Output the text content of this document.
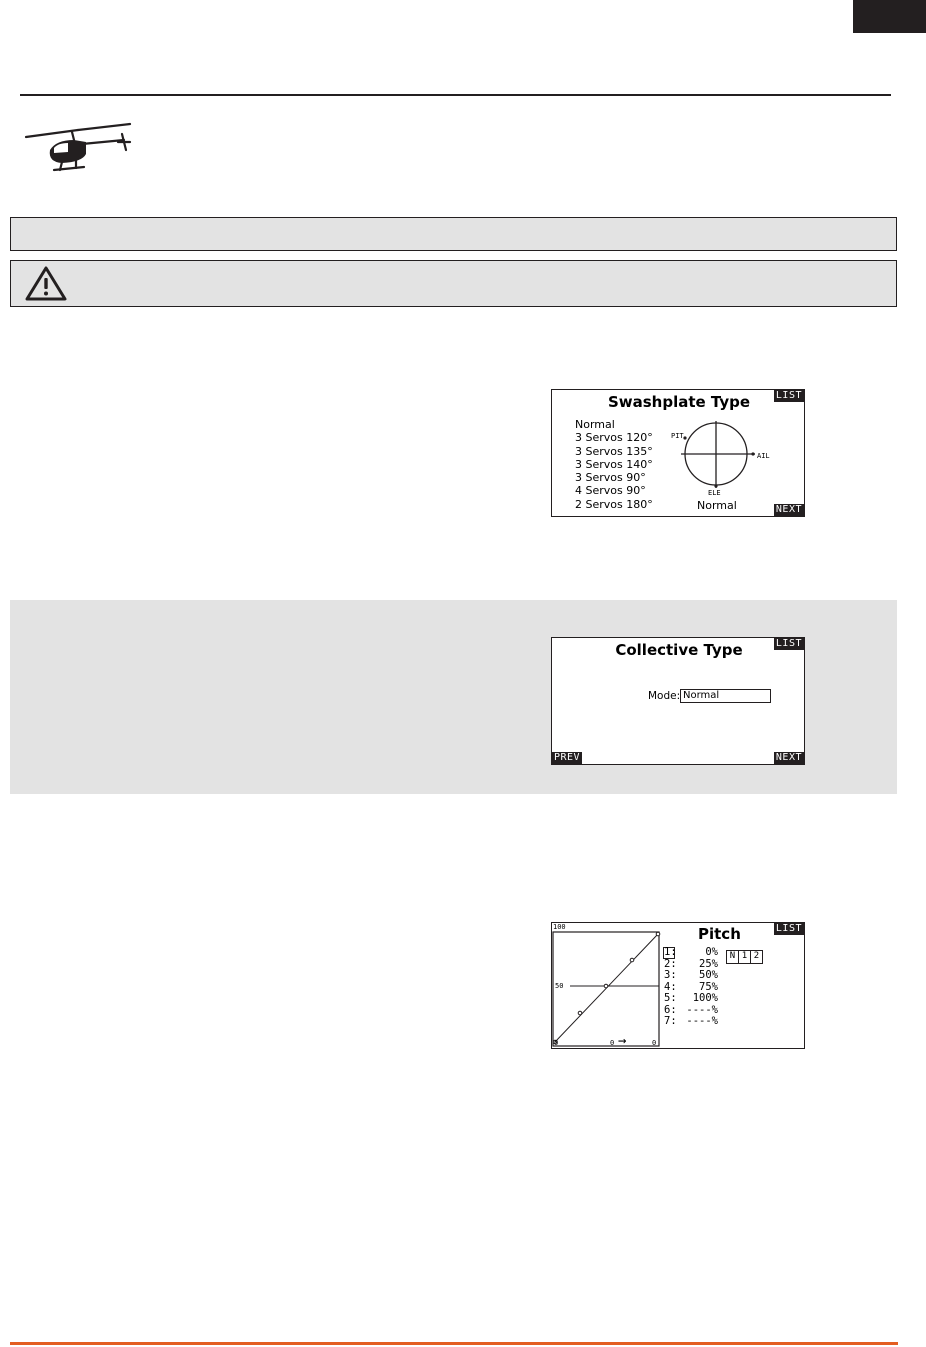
Swashplate Type	LIST
NEXT
Normal
3 Servos 120°
3 Servos 135°
3 Servos 140°
3 Servos 90°
4 Servos 90°
2 Servos 180°
PIT
AIL
ELE
Normal
Collective Type	LIST
Mode: Normal
PREV	NEXT
Pitch	LIST
100
50
0	0 →	0
1:	0%
2: 25%
3: 50%
4: 75%
5: 100%
6: ----%
7: ----%
N 1 2
